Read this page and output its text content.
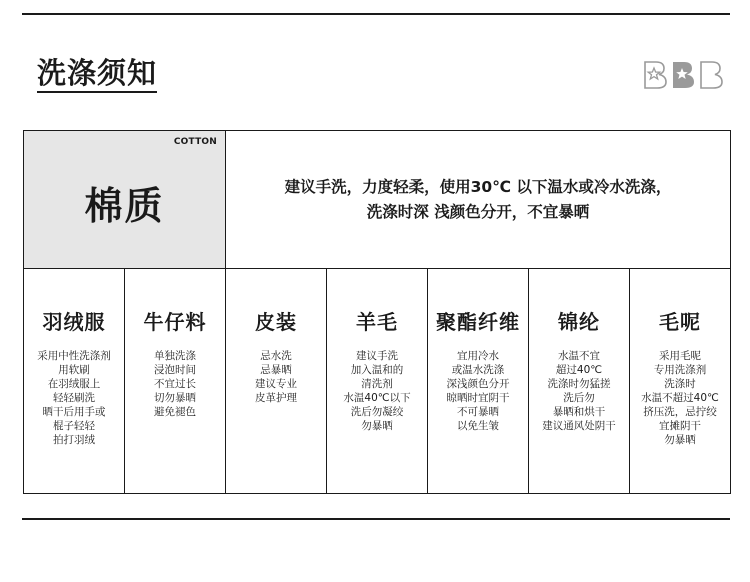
洗涤须知
COTTON
棉质	建议手洗，力度轻柔，使用30℃ 以下温水或冷水洗涤，
洗涤时深 浅颜色分开，不宜暴晒
羽绒服
采用中性洗涤剂
用软刷
在羽绒服上
轻轻刷洗
晒干后用手或
棍子轻轻
拍打羽绒
牛仔料
单独洗涤
浸泡时间
不宜过长
切勿暴晒
避免褪色
皮装
忌水洗
忌暴晒
建议专业
皮革护理
羊毛
建议手洗
加入温和的
清洗剂
水温40℃以下
洗后勿凝绞
勿暴晒
聚酯纤维
宜用冷水
或温水洗涤
深浅颜色分开
晾晒时宜阴干
不可暴晒
以免生皱
锦纶
水温不宜
超过40℃
洗涤时勿猛搓
洗后勿
暴晒和烘干
建议通风处阴干
毛呢
采用毛呢
专用洗涤剂
洗涤时
水温不超过40℃
挤压洗，忌拧绞
宜摊阴干
勿暴晒
